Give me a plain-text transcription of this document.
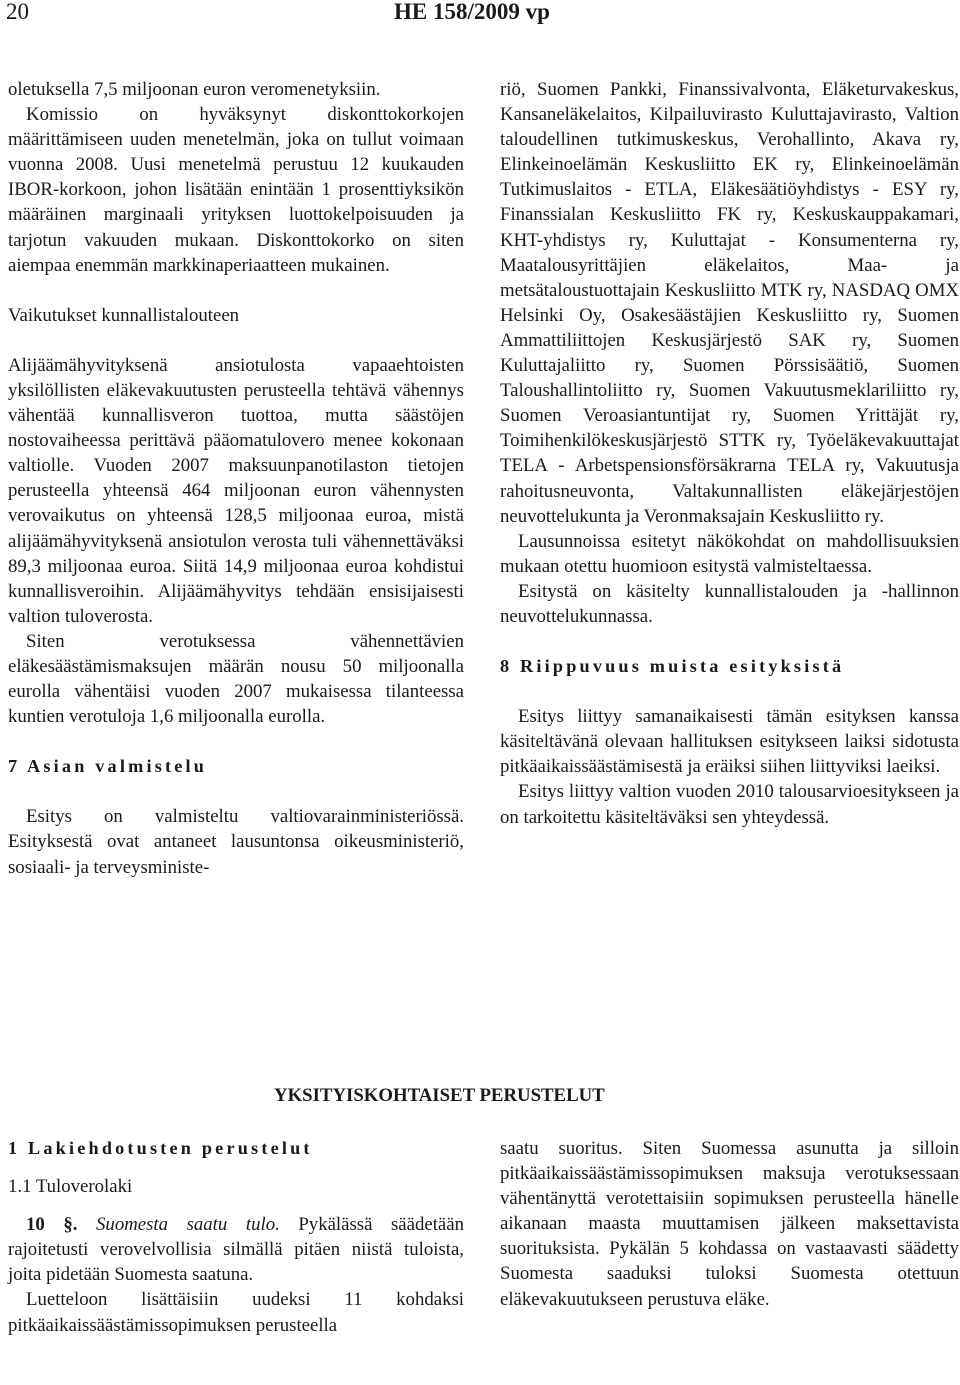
20	HE 158/2009 vp

oletuksella 7,5 miljoonan euron veromenetyksiin.

Komissio on hyväksynyt diskonttokorkojen määrittämiseen uuden menetelmän, joka on tullut voimaan vuonna 2008. Uusi menetelmä perustuu 12 kuukauden IBOR-korkoon, johon lisätään enintään 1 prosenttiyksikön määräinen marginaali yrityksen luottokelpoisuuden ja tarjotun vakuuden mukaan. Diskonttokorko on siten aiempaa enemmän markkinaperiaatteen mukainen.

Vaikutukset kunnallistalouteen

Alijäämähyvityksenä ansiotulosta vapaaehtoisten yksilöllisten eläkevakuutusten perusteella tehtävä vähennys vähentää kunnallisveron tuottoa, mutta säästöjen nostovaiheessa perittävä pääomatulovero menee kokonaan valtiolle. Vuoden 2007 maksuunpanotilaston tietojen perusteella yhteensä 464 miljoonan euron vähennysten verovaikutus on yhteensä 128,5 miljoonaa euroa, mistä alijäämähyvityksenä ansiotulon verosta tuli vähennettäväksi 89,3 miljoonaa euroa. Siitä 14,9 miljoonaa euroa kohdistui kunnallisveroihin. Alijäämähyvitys tehdään ensisijaisesti valtion tuloverosta.

Siten verotuksessa vähennettävien eläkesäästämismaksujen määrän nousu 50 miljoonalla eurolla vähentäisi vuoden 2007 mukaisessa tilanteessa kuntien verotuloja 1,6 miljoonalla eurolla.

7 Asian valmistelu

Esitys on valmisteltu valtiovarainministeriössä. Esityksestä ovat antaneet lausuntonsa oikeusministeriö, sosiaali- ja terveysministe-

riö, Suomen Pankki, Finanssivalvonta, Eläketurvakeskus, Kansaneläkelaitos, Kilpailuvirasto Kuluttajavirasto, Valtion taloudellinen tutkimuskeskus, Verohallinto, Akava ry, Elinkeinoelämän Keskusliitto EK ry, Elinkeinoelämän Tutkimuslaitos - ETLA, Eläkesäätiöyhdistys - ESY ry, Finanssialan Keskusliitto FK ry, Keskuskauppakamari, KHT-yhdistys ry, Kuluttajat - Konsumenterna ry, Maatalousyrittäjien eläkelaitos, Maa- ja metsätaloustuottajain Keskusliitto MTK ry, NASDAQ OMX Helsinki Oy, Osakesäästäjien Keskusliitto ry, Suomen Ammattiliittojen Keskusjärjestö SAK ry, Suomen Kuluttajaliitto ry, Suomen Pörssisäätiö, Suomen Taloushallintoliitto ry, Suomen Vakuutusmeklariliitto ry, Suomen Veroasiantuntijat ry, Suomen Yrittäjät ry, Toimihenkilökeskusjärjestö STTK ry, Työeläkevakuuttajat TELA - Arbetspensionsförsäkrarna TELA ry, Vakuutusja rahoitusneuvonta, Valtakunnallisten eläkejärjestöjen neuvottelukunta ja Veronmaksajain Keskusliitto ry.

Lausunnoissa esitetyt näkökohdat on mahdollisuuksien mukaan otettu huomioon esitystä valmisteltaessa.

Esitystä on käsitelty kunnallistalouden ja -hallinnon neuvottelukunnassa.

8 Riippuvuus muista esityksistä

Esitys liittyy samanaikaisesti tämän esityksen kanssa käsiteltävänä olevaan hallituksen esitykseen laiksi sidotusta pitkäaikaissäästämisestä ja eräiksi siihen liittyviksi laeiksi.

Esitys liittyy valtion vuoden 2010 talousarvioesitykseen ja on tarkoitettu käsiteltäväksi sen yhteydessä.

YKSITYISKOHTAISET PERUSTELUT

1 Lakiehdotusten perustelut

1.1 Tuloverolaki

10 §. Suomesta saatu tulo. Pykälässä säädetään rajoitetusti verovelvollisia silmällä pitäen niistä tuloista, joita pidetään Suomesta saatuna.

Luetteloon lisättäisiin uudeksi 11 kohdaksi pitkäaikaissäästämissopimuksen perusteella

saatu suoritus. Siten Suomessa asunutta ja silloin pitkäaikaissäästämissopimuksen maksuja verotuksessaan vähentänyttä verotettaisiin sopimuksen perusteella hänelle aikanaan maasta muuttamisen jälkeen maksettavista suorituksista. Pykälän 5 kohdassa on vastaavasti säädetty Suomesta saaduksi tuloksi Suomesta otettuun eläkevakuutukseen perustuva eläke.
